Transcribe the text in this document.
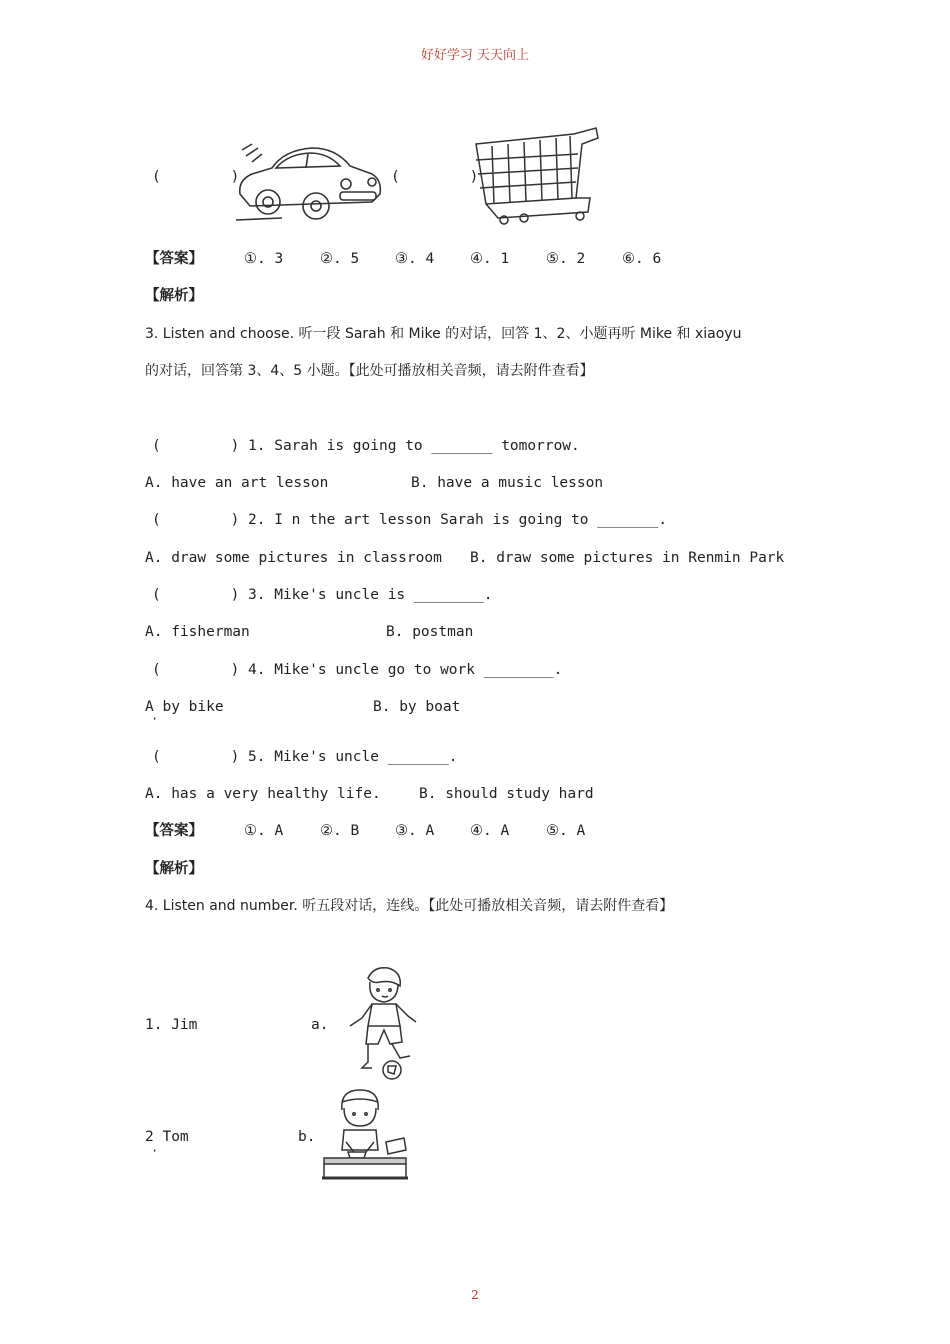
好好学习 天天向上
(        )	(        )
【答案】	①. 3	②. 5 ③. 4 ④. 1	⑤. 2	⑥. 6
【解析】
3. Listen and choose. 听一段 Sarah 和 Mike 的对话，回答 1、2、小题再听 Mike 和 xiaoyu
的对话，回答第 3、4、5 小题。【此处可播放相关音频，请去附件查看】
(        ) 1. Sarah is going to _______ tomorrow.
A. have an art lesson	B. have a music lesson
(        ) 2. I n the art lesson Sarah is going to _______.
A. draw some pictures in classroom B. draw some pictures in Renmin Park
(        ) 3. Mike's uncle is ________.
A. fisherman	B. postman
(        ) 4. Mike's uncle go to work ________.
A by bike
·
B. by boat
(        ) 5. Mike's uncle _______.
A. has a very healthy life.	B. should study hard
【答案】	①. A	②. B ③. A ④. A	⑤. A
【解析】
4. Listen and number. 听五段对话，连线。【此处可播放相关音频，请去附件查看】
1. Jim	a.
2 Tom
·
b.
2
